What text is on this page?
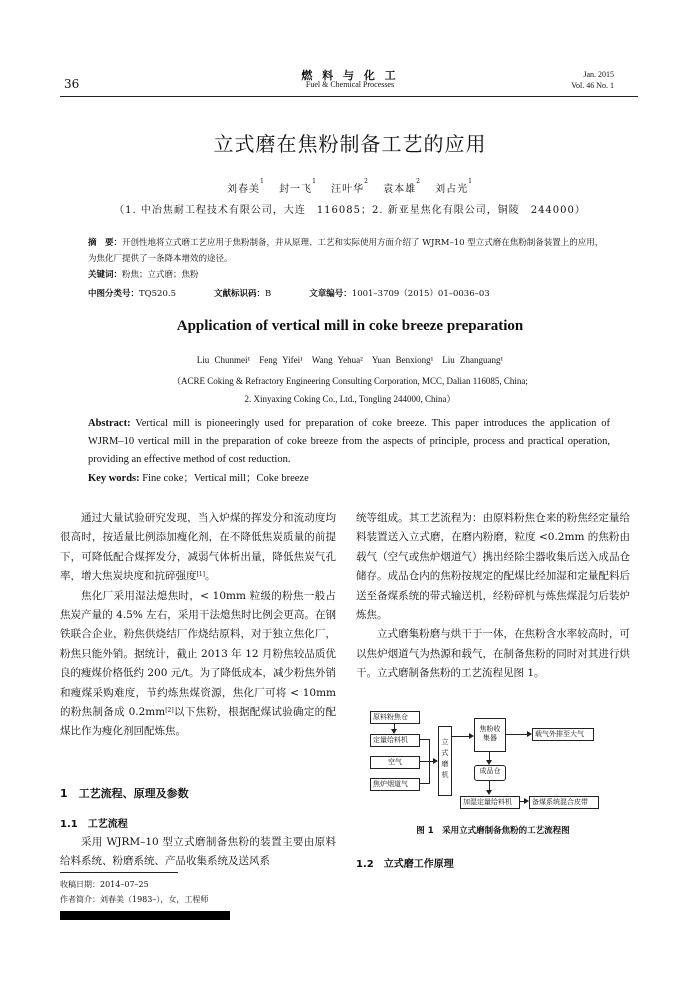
36
燃 料 与 化 工
Fuel & Chemical Processes
Jan. 2015
Vol. 46 No. 1
立式磨在焦粉制备工艺的应用
刘春美$^1$ 封一飞$^1$ 汪叶华$^2$ 袁本雄$^2$ 刘占光$^1$
（1. 中冶焦耐工程技术有限公司，大连　116085；2. 新亚星焦化有限公司，铜陵　244000）
摘　要：开创性地将立式磨工艺应用于焦粉制备，并从原理、工艺和实际使用方面介绍了 WJRM–10 型立式磨在焦粉制备装置上的应用，为焦化厂提供了一条降本增效的途径。
关键词：粉焦；立式磨；焦粉
中图分类号：TQ520.5	文献标识码：B	文章编号：1001–3709（2015）01–0036–03
Application of vertical mill in coke breeze preparation
Liu Chunmei¹　Feng Yifei¹　Wang Yehua²　Yuan Benxiong¹　Liu Zhanguang¹
（ACRE Coking & Refractory Engineering Consulting Corporation, MCC, Dalian 116085, China;
2. Xinyaxing Coking Co., Ltd., Tongling 244000, China）
Abstract: Vertical mill is pioneeringly used for preparation of coke breeze. This paper introduces the application of WJRM–10 vertical mill in the preparation of coke breeze from the aspects of principle, process and practical operation, providing an effective method of cost reduction.
Key words: Fine coke；Vertical mill；Coke breeze

通过大量试验研究发现，当入炉煤的挥发分和流动度均很高时，按适量比例添加瘦化剂，在不降低焦炭质量的前提下，可降低配合煤挥发分，减弱气体析出量，降低焦炭气孔率，增大焦炭块度和抗碎强度[1]。

焦化厂采用湿法熄焦时，< 10mm 粒级的粉焦一般占焦炭产量的 4.5% 左右，采用干法熄焦时比例会更高。在钢铁联合企业，粉焦供烧结厂作烧结原料，对于独立焦化厂，粉焦只能外销。据统计，截止 2013 年 12 月粉焦较品质优良的瘦煤价格低约 200 元/t。为了降低成本，减少粉焦外销和瘦煤采购难度，节约炼焦煤资源，焦化厂可将 < 10mm 的粉焦制备成 0.2mm[2]以下焦粉，根据配煤试验确定的配煤比作为瘦化剂回配炼焦。

1　工艺流程、原理及参数
1.1　工艺流程

采用 WJRM–10 型立式磨制备焦粉的装置主要由原料给料系统、粉磨系统、产品收集系统及送风系

收稿日期：2014–07–25
作者简介：刘春美（1983–），女，工程师

统等组成。其工艺流程为：由原料粉焦仓来的粉焦经定量给料装置送入立式磨，在磨内粉磨，粒度 <0.2mm 的焦粉由载气（空气或焦炉烟道气）携出经除尘器收集后送入成品仓储存。成品仓内的焦粉按规定的配煤比经加湿和定量配料后送至备煤系统的带式输送机，经粉碎机与炼焦煤混匀后装炉炼焦。

立式磨集粉磨与烘干于一体，在焦粉含水率较高时，可以焦炉烟道气为热源和载气，在制备焦粉的同时对其进行烘干。立式磨制备焦粉的工艺流程见图 1。

原料粉焦仓
定量给料机
空气
焦炉烟道气
立式磨机
焦粉收集器	载气外排至大气
成品仓
加湿定量给料机	备煤系统混合皮带
图 1　采用立式磨制备焦粉的工艺流程图
1.2　立式磨工作原理
